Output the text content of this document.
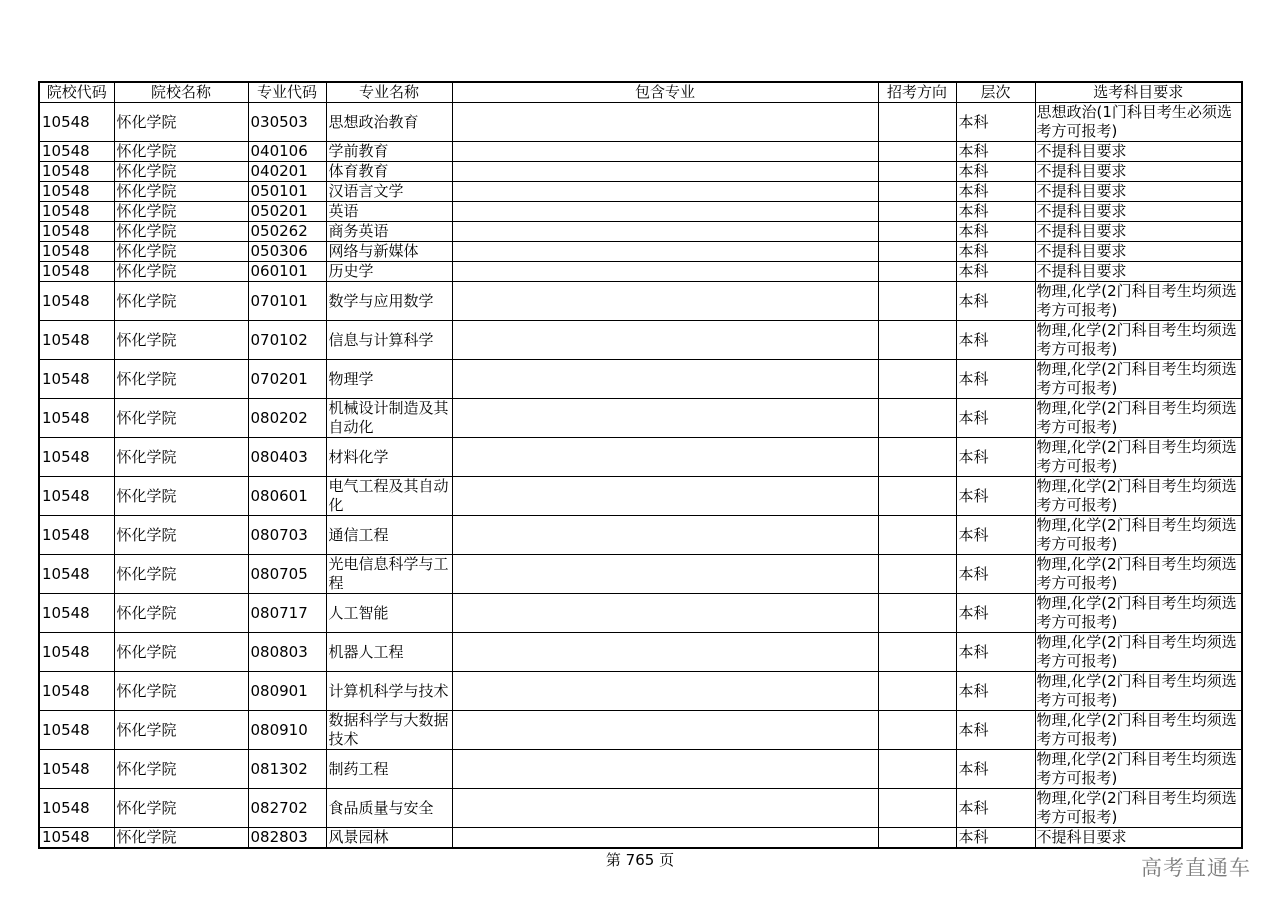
院校代码	院校名称	专业代码	专业名称	包含专业	招考方向	层次	选考科目要求
10548	怀化学院	030503	思想政治教育			本科	思想政治(1门科目考生必须选考方可报考)
10548	怀化学院	040106	学前教育			本科	不提科目要求
10548	怀化学院	040201	体育教育			本科	不提科目要求
10548	怀化学院	050101	汉语言文学			本科	不提科目要求
10548	怀化学院	050201	英语			本科	不提科目要求
10548	怀化学院	050262	商务英语			本科	不提科目要求
10548	怀化学院	050306	网络与新媒体			本科	不提科目要求
10548	怀化学院	060101	历史学			本科	不提科目要求
10548	怀化学院	070101	数学与应用数学			本科	物理,化学(2门科目考生均须选考方可报考)
10548	怀化学院	070102	信息与计算科学			本科	物理,化学(2门科目考生均须选考方可报考)
10548	怀化学院	070201	物理学			本科	物理,化学(2门科目考生均须选考方可报考)
10548	怀化学院	080202	机械设计制造及其自动化			本科	物理,化学(2门科目考生均须选考方可报考)
10548	怀化学院	080403	材料化学			本科	物理,化学(2门科目考生均须选考方可报考)
10548	怀化学院	080601	电气工程及其自动化			本科	物理,化学(2门科目考生均须选考方可报考)
10548	怀化学院	080703	通信工程			本科	物理,化学(2门科目考生均须选考方可报考)
10548	怀化学院	080705	光电信息科学与工程			本科	物理,化学(2门科目考生均须选考方可报考)
10548	怀化学院	080717	人工智能			本科	物理,化学(2门科目考生均须选考方可报考)
10548	怀化学院	080803	机器人工程			本科	物理,化学(2门科目考生均须选考方可报考)
10548	怀化学院	080901	计算机科学与技术			本科	物理,化学(2门科目考生均须选考方可报考)
10548	怀化学院	080910	数据科学与大数据技术			本科	物理,化学(2门科目考生均须选考方可报考)
10548	怀化学院	081302	制药工程			本科	物理,化学(2门科目考生均须选考方可报考)
10548	怀化学院	082702	食品质量与安全			本科	物理,化学(2门科目考生均须选考方可报考)
10548	怀化学院	082803	风景园林			本科	不提科目要求
第 765 页	高考直通车
